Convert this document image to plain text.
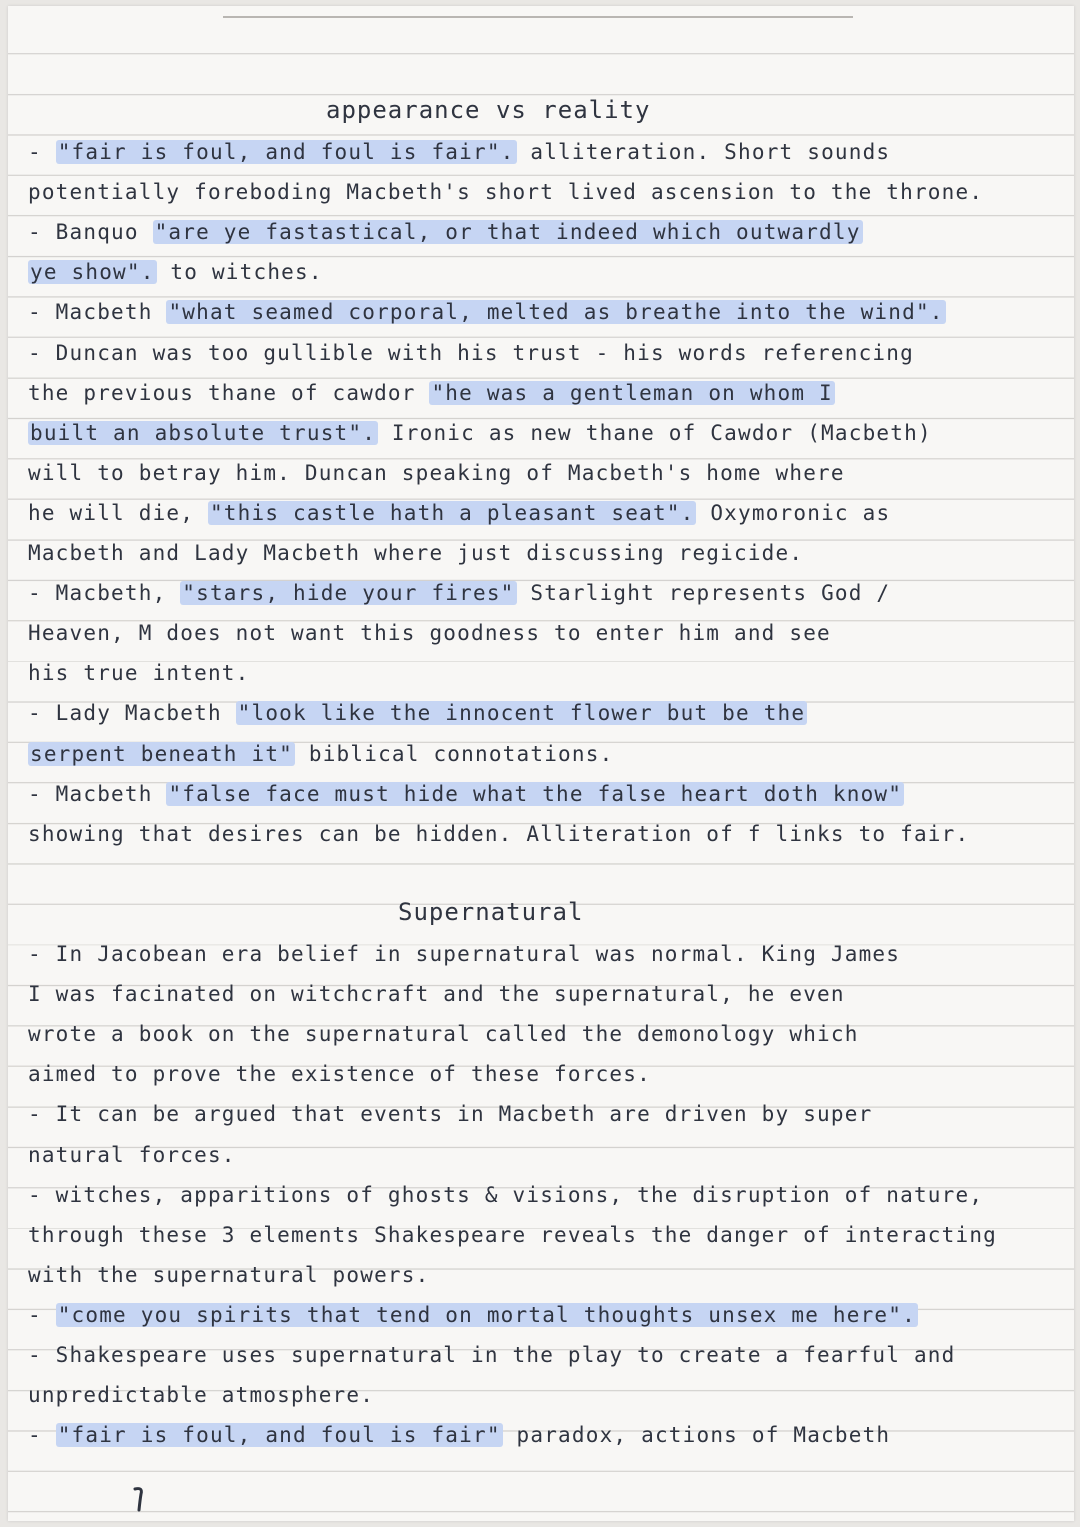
appearance vs reality
- "fair is foul, and foul is fair". alliteration. Short sounds
potentially foreboding Macbeth's short lived ascension to the throne.
- Banquo "are ye fastastical, or that indeed which outwardly
ye show". to witches.
- Macbeth "what seamed corporal, melted as breathe into the wind".
- Duncan was too gullible with his trust - his words referencing
the previous thane of cawdor "he was a gentleman on whom I
built an absolute trust". Ironic as new thane of Cawdor (Macbeth)
will to betray him. Duncan speaking of Macbeth's home where
he will die, "this castle hath a pleasant seat". Oxymoronic as
Macbeth and Lady Macbeth where just discussing regicide.
- Macbeth, "stars, hide your fires" Starlight represents God /
Heaven, M does not want this goodness to enter him and see
his true intent.
- Lady Macbeth "look like the innocent flower but be the
serpent beneath it" biblical connotations.
- Macbeth "false face must hide what the false heart doth know"
showing that desires can be hidden. Alliteration of f links to fair.
Supernatural
- In Jacobean era belief in supernatural was normal. King James
I was facinated on witchcraft and the supernatural, he even
wrote a book on the supernatural called the demonology which
aimed to prove the existence of these forces.
- It can be argued that events in Macbeth are driven by super
natural forces.
- witches, apparitions of ghosts & visions, the disruption of nature,
through these 3 elements Shakespeare reveals the danger of interacting
with the supernatural powers.
- "come you spirits that tend on mortal thoughts unsex me here".
- Shakespeare uses supernatural in the play to create a fearful and
unpredictable atmosphere.
- "fair is foul, and foul is fair" paradox, actions of Macbeth
